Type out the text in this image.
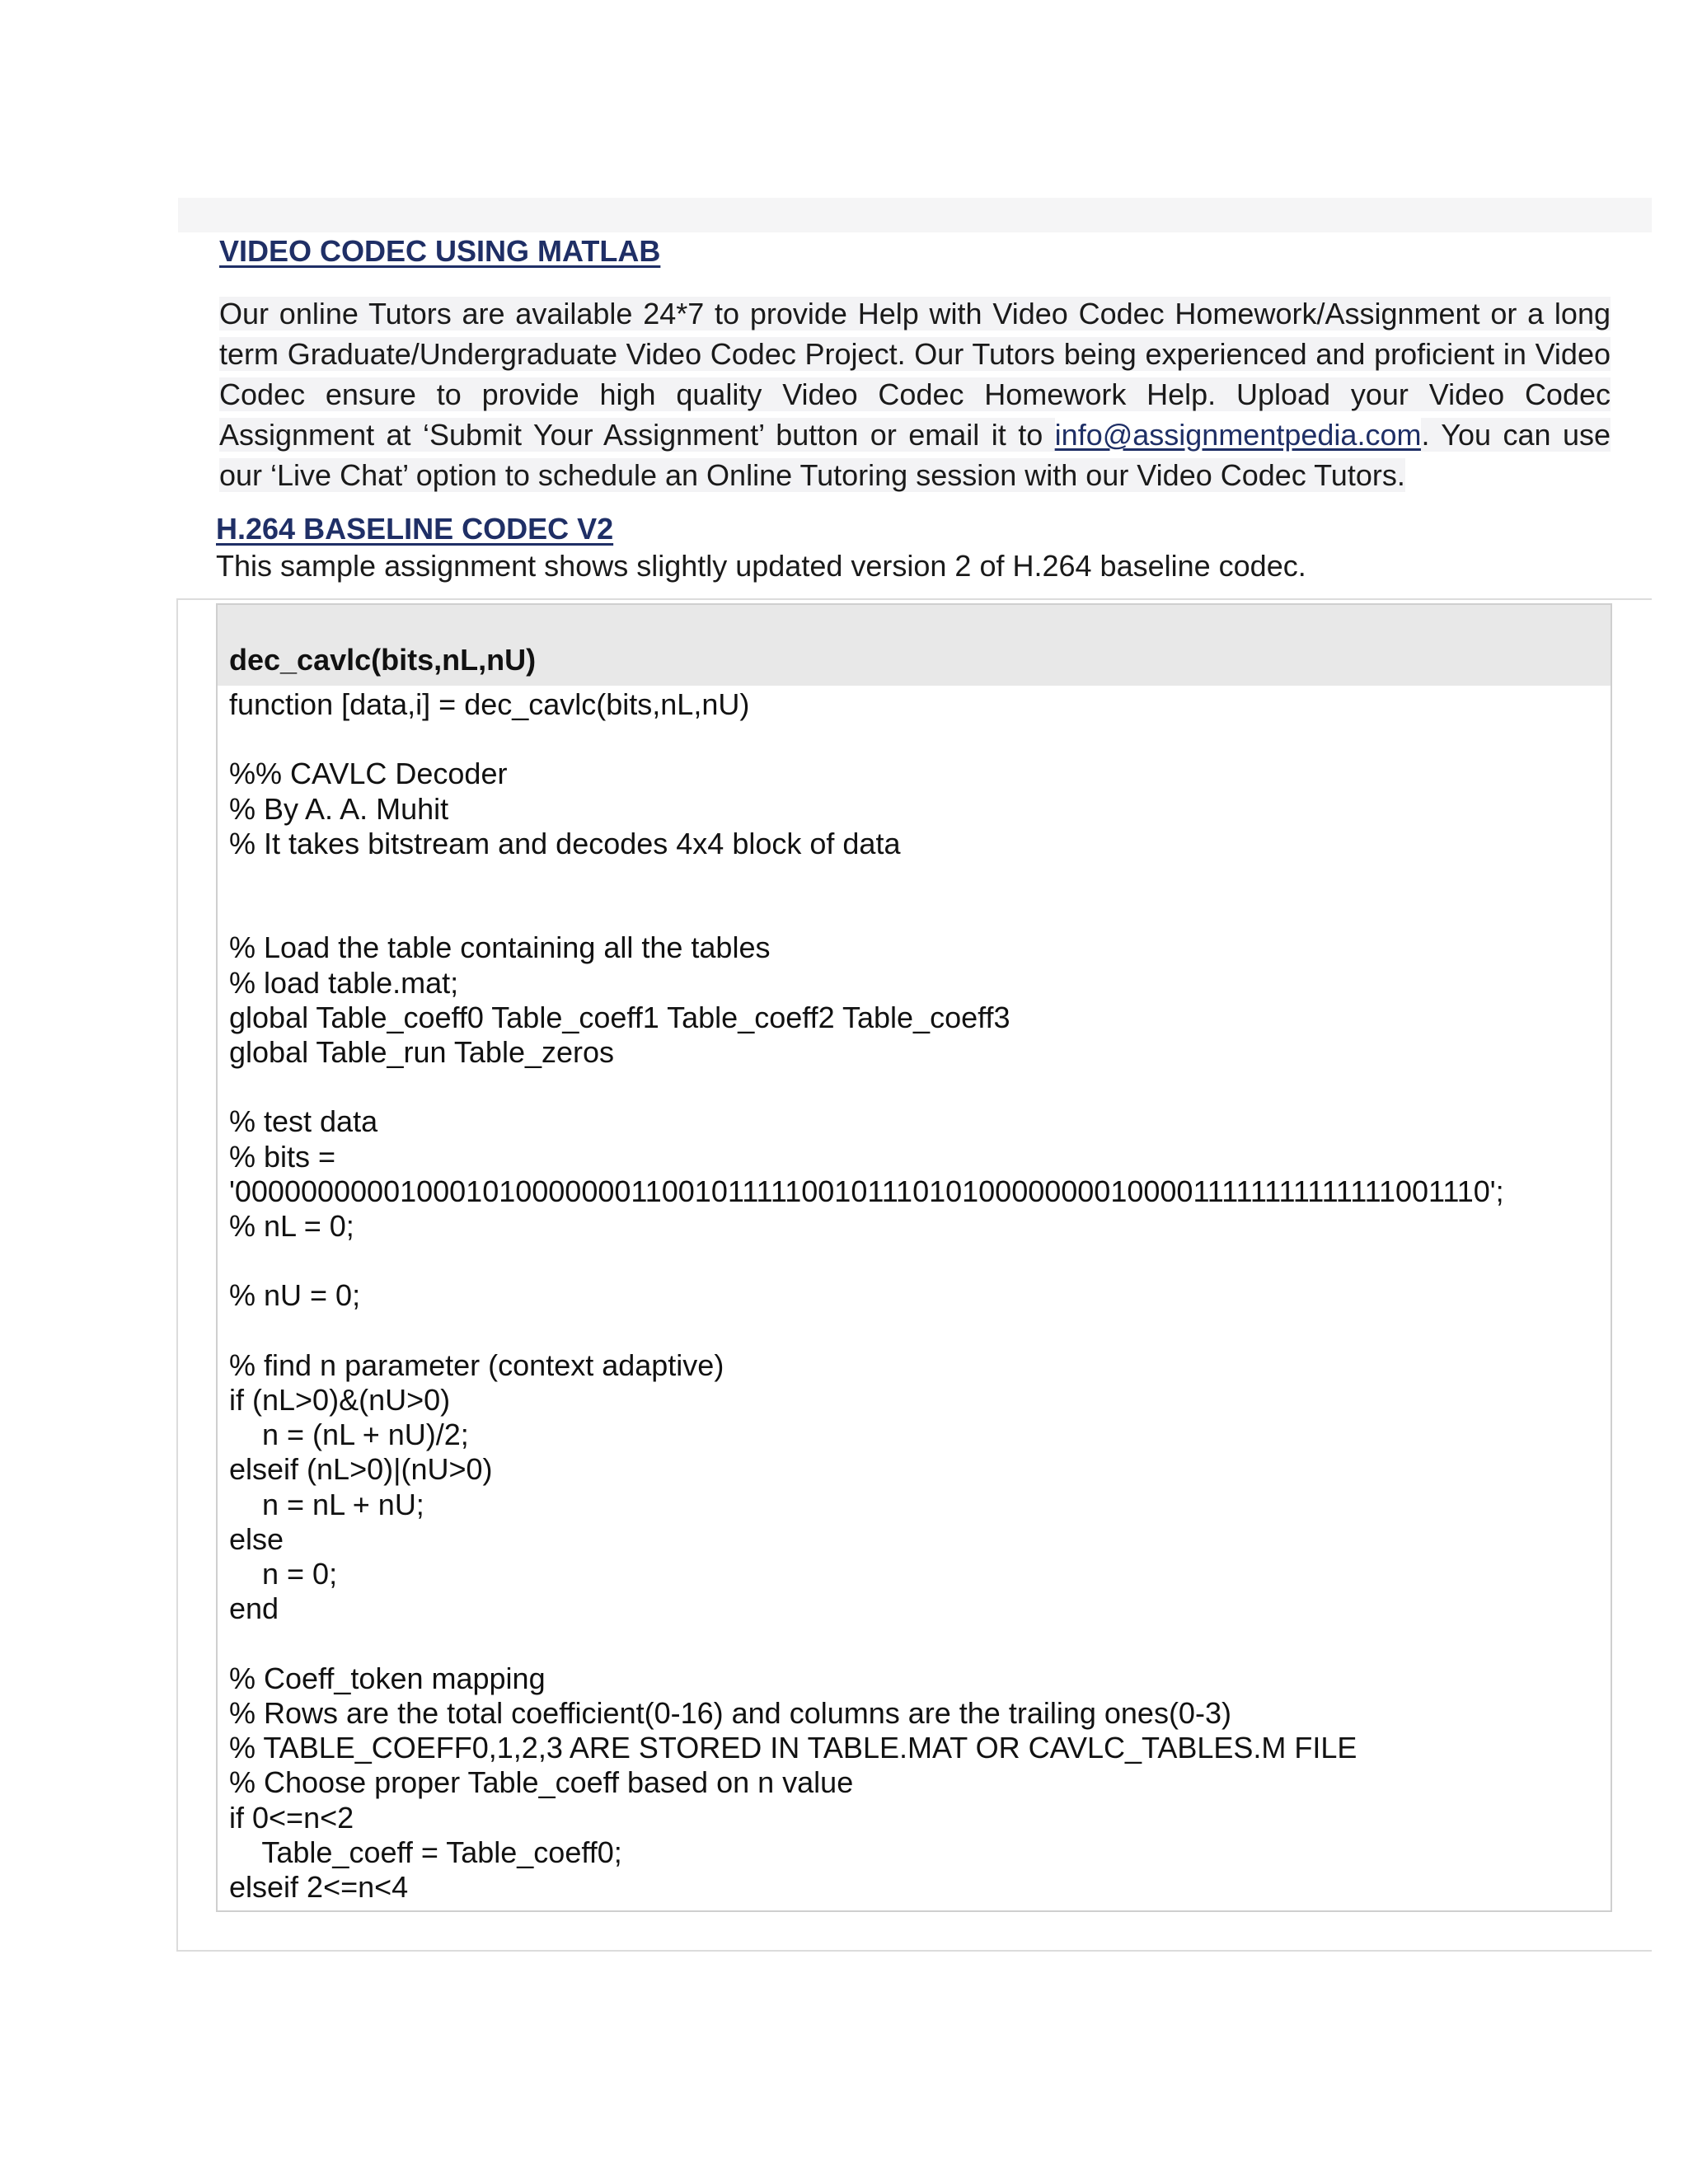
VIDEO CODEC USING MATLAB

Our online Tutors are available 24*7 to provide Help with Video Codec Homework/Assignment or a long term Graduate/Undergraduate Video Codec Project. Our Tutors being experienced and proficient in Video Codec ensure to provide high quality Video Codec Homework Help. Upload your Video Codec Assignment at ‘Submit Your Assignment’ button or email it to info@assignmentpedia.com. You can use our ‘Live Chat’ option to schedule an Online Tutoring session with our Video Codec Tutors.

H.264 BASELINE CODEC V2

This sample assignment shows slightly updated version 2 of H.264 baseline codec.

dec_cavlc(bits,nL,nU)
function [data,i] = dec_cavlc(bits,nL,nU)

%% CAVLC Decoder
% By A. A. Muhit
% It takes bitstream and decodes 4x4 block of data

% Load the table containing all the tables
% load table.mat;
global Table_coeff0 Table_coeff1 Table_coeff2 Table_coeff3
global Table_run Table_zeros

% test data
% bits =
'0000000000100010100000001100101111100101110101000000001000011111111111111001110';
% nL = 0;

% nU = 0;

% find n parameter (context adaptive)
if (nL>0)&(nU>0)
n = (nL + nU)/2;
elseif (nL>0)|(nU>0)
n = nL + nU;
else
n = 0;
end

% Coeff_token mapping
% Rows are the total coefficient(0-16) and columns are the trailing ones(0-3)
% TABLE_COEFF0,1,2,3 ARE STORED IN TABLE.MAT OR CAVLC_TABLES.M FILE
% Choose proper Table_coeff based on n value
if 0<=n<2
Table_coeff = Table_coeff0;
elseif 2<=n<4
